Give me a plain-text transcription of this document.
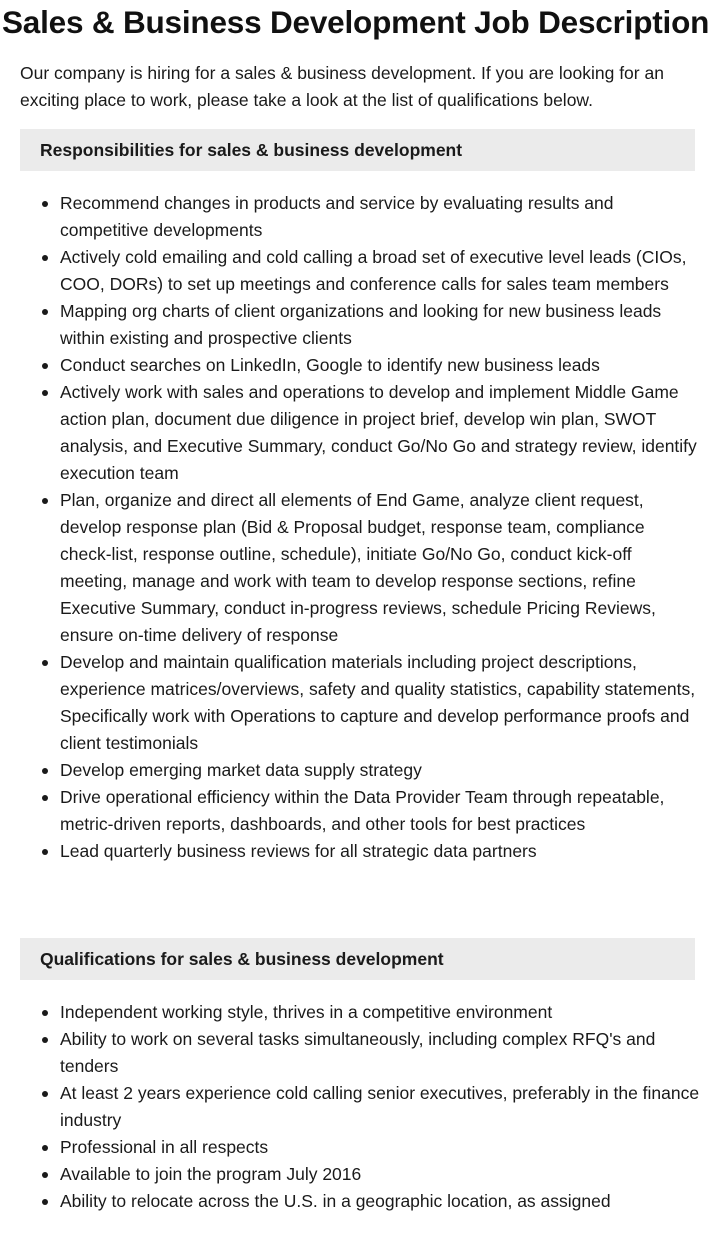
Sales & Business Development Job Description

Our company is hiring for a sales & business development. If you are looking for an exciting place to work, please take a look at the list of qualifications below.

Responsibilities for sales & business development
Recommend changes in products and service by evaluating results and competitive developments
Actively cold emailing and cold calling a broad set of executive level leads (CIOs, COO, DORs) to set up meetings and conference calls for sales team members
Mapping org charts of client organizations and looking for new business leads within existing and prospective clients
Conduct searches on LinkedIn, Google to identify new business leads
Actively work with sales and operations to develop and implement Middle Game action plan, document due diligence in project brief, develop win plan, SWOT analysis, and Executive Summary, conduct Go/No Go and strategy review, identify execution team
Plan, organize and direct all elements of End Game, analyze client request, develop response plan (Bid & Proposal budget, response team, compliance check-list, response outline, schedule), initiate Go/No Go, conduct kick-off meeting, manage and work with team to develop response sections, refine Executive Summary, conduct in-progress reviews, schedule Pricing Reviews, ensure on-time delivery of response
Develop and maintain qualification materials including project descriptions, experience matrices/overviews, safety and quality statistics, capability statements, Specifically work with Operations to capture and develop performance proofs and client testimonials
Develop emerging market data supply strategy
Drive operational efficiency within the Data Provider Team through repeatable, metric-driven reports, dashboards, and other tools for best practices
Lead quarterly business reviews for all strategic data partners
Qualifications for sales & business development
Independent working style, thrives in a competitive environment
Ability to work on several tasks simultaneously, including complex RFQ's and tenders
At least 2 years experience cold calling senior executives, preferably in the finance industry
Professional in all respects
Available to join the program July 2016
Ability to relocate across the U.S. in a geographic location, as assigned
